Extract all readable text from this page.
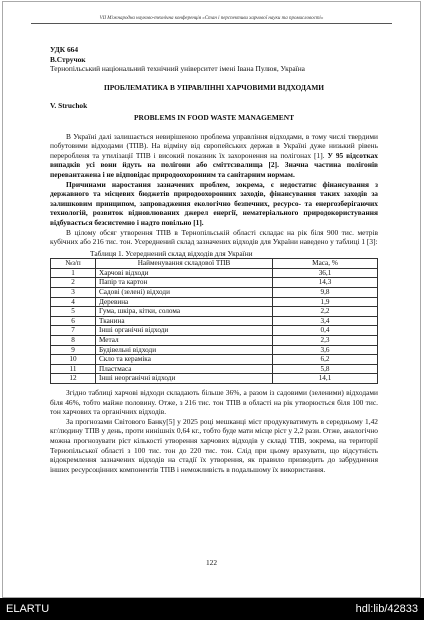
VII Міжнародна науково-технічна конференція «Стан і перспективи харчової науки та промисловості»
УДК 664
В.Стручок
Тернопільський національний технічний університет імені Івана Пулюя, Україна
ПРОБЛЕМАТИКА В УПРАВЛІННІ ХАРЧОВИМИ ВІДХОДАМИ
V. Struchok
PROBLEMS IN FOOD WASTE MANAGEMENT

В Україні далі залишається невирішеною проблема управління відходами, в тому числі твердими побутовими відходами (ТПВ). На відміну від європейських держав в Україні дуже низький рівень переробленя та утилізації ТПВ і високий показник їх захоронення на полігонах [1]. У 95 відсотках випадків усі вони йдуть на полігони або сміттєзвалища [2]. Значна частина полігонів перевантажена і не відповідає природоохоронним та санітарним нормам.

Причинами наростання зазначених проблем, зокрема, є недостатнє фінансування з державного та місцевих бюджетів природоохоронних заходів, фінансування таких заходів за залишковим принципом, запровадження екологічно безпечних, ресурсо- та енергозберігаючих технологій, розвиток відновлюваних джерел енергії, нематеріального природокористування відбувається безсистемно і надто повільно [1].

В цілому обсяг утворення ТПВ в Тернопільській області складає на рік біля 900 тис. метрів кубічних або 216 тис. тон. Усереднений склад зазначених відходів для України наведено у таблиці 1 [3]:

Таблиця 1. Усереднений склад відходів для України
№з/п	Найменування складової ТПВ	Маса, %
1	Харчові відходи	36,1
2	Папір та картон	14,3
3	Садові (зелені) відходи	9,8
4	Деревина	1,9
5	Гума, шкіра, кітки, солома	2,2
6	Тканина	3,4
7	Інші органічні відходи	0,4
8	Метал	2,3
9	Будівельні відходи	3,6
10	Скло та кераміка	6,2
11	Пластмаса	5,8
12	Інші неорганічні відходи	14,1

Згідно таблиці харчові відходи складають більше 36%, а разом із садовими (зеленими) відходами біля 46%, тобто майже половину. Отже, з 216 тис. тон ТПВ в області на рік утворюється біля 100 тис. тон харчових та органічних відходів.

За прогнозами Світового Банку[5] у 2025 році мешканці міст продукуватимуть в середньому 1,42 кг/людину ТПВ у день, проти нинішніх 0,64 кг., тобто буде мати місце ріст у 2,2 рази. Отже, аналогічно можна прогнозувати ріст кількості утворення харчових відходів у складі ТПВ, зокрема, на території Тернопільської області з 100 тис. тон до 220 тис. тон. Слід при цьому врахувати, що відсутність відокремлення зазначених відходів на стадії їх утворення, як правило призводить до забруднення інших ресурсоцінних компонентів ТПВ і неможливість в подальшому їх використання.

122
ELARTU	hdl:lib/42833
